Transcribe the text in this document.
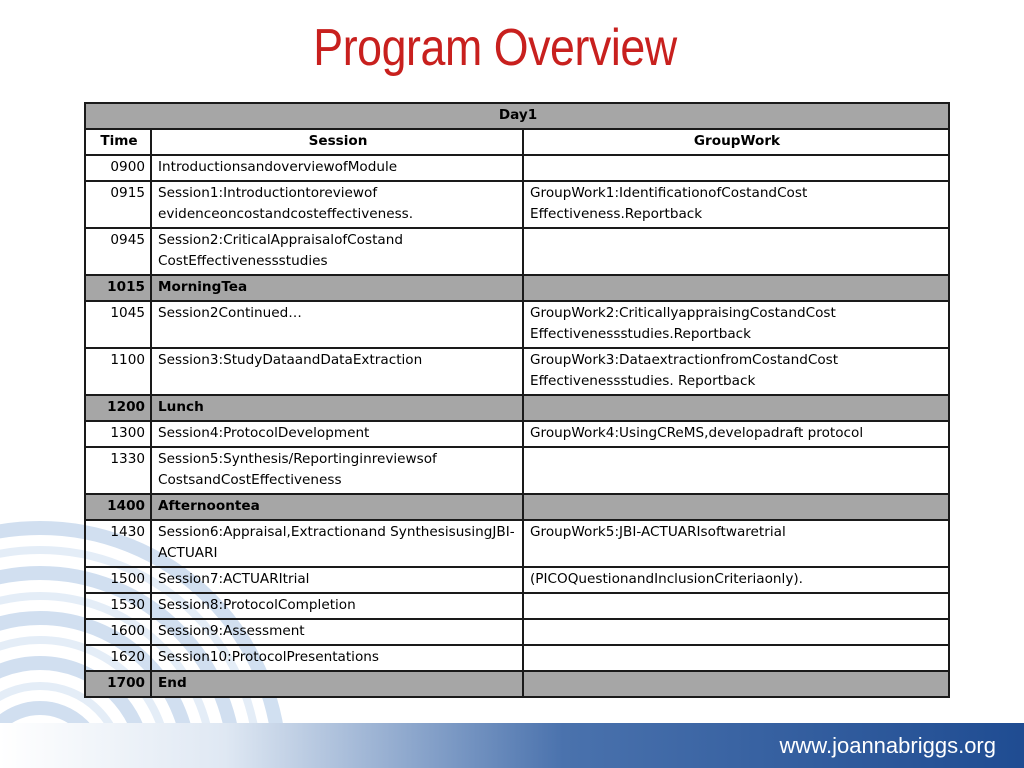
Program Overview
Day⁣1⁣		
Time⁣	Session⁣	Group⁣Work⁣
0900⁣	Introductions⁣and⁣overview⁣of⁣Module⁣	
0915⁣	Session⁣1:⁣Introduction⁣to⁣review⁣of⁣ evidence⁣on⁣cost⁣and⁣cost⁣effectiveness.⁣	Group⁣Work⁣1:⁣Identification⁣of⁣Cost⁣and⁣Cost⁣ Effectiveness.⁣Report⁣back⁣
0945⁣	Session⁣2:⁣Critical⁣Appraisal⁣of⁣Cost⁣and⁣ Cost⁣Effectiveness⁣studies⁣	
1015⁣	Morning⁣Tea⁣	
1045⁣	Session⁣2⁣Continued…⁣	Group⁣Work⁣2:⁣Critically⁣appraising⁣Cost⁣and⁣Cost⁣ Effectiveness⁣studies.⁣Report⁣back⁣
1100⁣	Session⁣3:⁣Study⁣Data⁣and⁣Data⁣Extraction⁣	Group⁣Work⁣3:⁣Data⁣extraction⁣from⁣Cost⁣and⁣Cost⁣ Effectiveness⁣studies.⁣⁣ Report⁣back⁣
1200⁣	Lunch⁣	
1300⁣	Session⁣4:⁣Protocol⁣Development⁣	Group⁣Work⁣4:⁣Using⁣CReMS,⁣develop⁣a⁣draft⁣ protocol⁣
1330⁣	Session⁣5:⁣Synthesis/Reporting⁣in⁣reviews⁣of⁣ Costs⁣and⁣Cost⁣Effectiveness⁣	
1400⁣	Afternoon⁣tea⁣	
1430⁣	Session⁣6:⁣Appraisal,⁣Extraction⁣and⁣ Synthesis⁣using⁣JBI-ACTUARI⁣	Group⁣Work⁣5:⁣JBI-ACTUARI⁣software⁣trial⁣
1500⁣	Session⁣7:⁣ACTUARI⁣trial⁣	(PICO⁣Question⁣and⁣Inclusion⁣Criteria⁣only).⁣
1530⁣	Session⁣8:⁣Protocol⁣Completion⁣	
1600⁣	Session⁣9:⁣Assessment⁣	
1620⁣	Session⁣10:⁣Protocol⁣Presentations⁣	
1700⁣	End⁣	
www.joannabriggs.org
